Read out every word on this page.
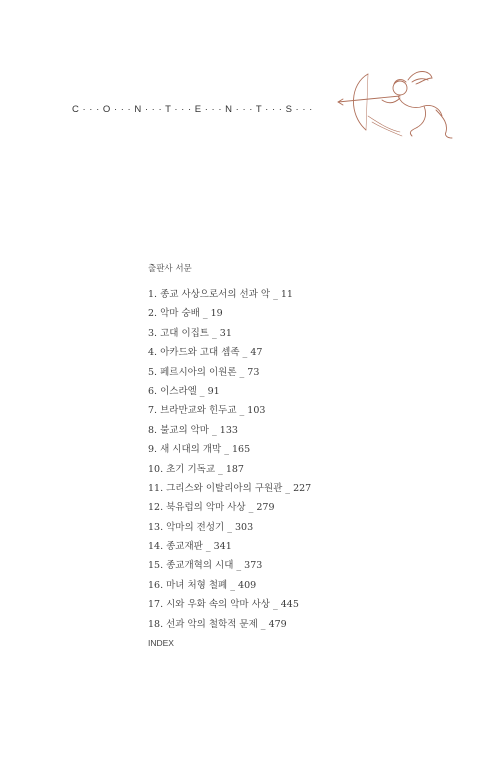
C · · · O · · · N · · · T · · · E · · · N · · · T · · · S · · ·
출판사 서문
1. 종교 사상으로서의 선과 악 _ 11
2. 악마 숭배 _ 19
3. 고대 이집트 _ 31
4. 아카드와 고대 셈족 _ 47
5. 페르시아의 이원론 _ 73
6. 이스라엘 _ 91
7. 브라만교와 힌두교 _ 103
8. 불교의 악마 _ 133
9. 새 시대의 개막 _ 165
10. 초기 기독교 _ 187
11. 그리스와 이탈리아의 구원관 _ 227
12. 북유럽의 악마 사상 _ 279
13. 악마의 전성기 _ 303
14. 종교재판 _ 341
15. 종교개혁의 시대 _ 373
16. 마녀 처형 철폐 _ 409
17. 시와 우화 속의 악마 사상 _ 445
18. 선과 악의 철학적 문제 _ 479
INDEX
